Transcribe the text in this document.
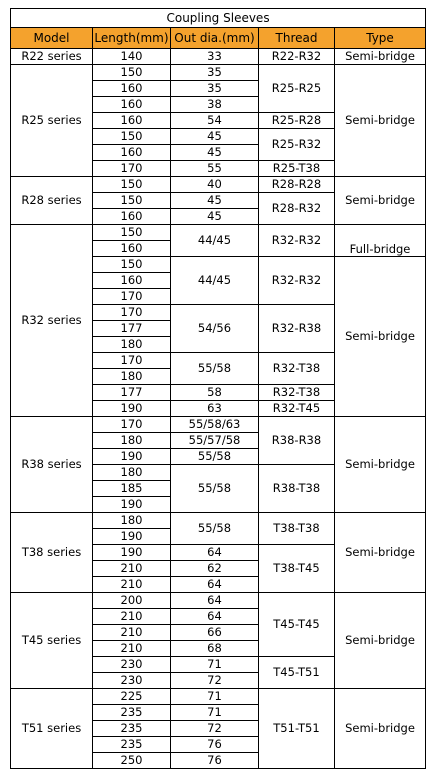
Coupling Sleeves				
Model	Length(mm)	Out dia.(mm)	Thread	Type
R22 series	140	33	R22-R32	Semi-bridge
R25 series	150	35	R25-R25	Semi-bridge
	160	35		
	160	38		
	160	54	R25-R28	
	150	45	R25-R32	
	160	45		
	170	55	R25-T38	
R28 series	150	40	R28-R28	Semi-bridge
	150	45	R28-R32	
	160	45		
R32 series	150	44/45	R32-R32	Full-bridge
	160			
	150	44/45	R32-R32	Semi-bridge
	160			
	170			
	170	54/56	R32-R38	
	177			
	180			
	170	55/58	R32-T38	
	180			
	177	58	R32-T38	
	190	63	R32-T45	
R38 series	170	55/58/63	R38-R38	Semi-bridge
	180	55/57/58		
	190	55/58		
	180	55/58	R38-T38	
	185			
	190			
T38 series	180	55/58	T38-T38	Semi-bridge
	190			
	190	64	T38-T45	
	210	62		
	210	64		
T45 series	200	64	T45-T45	Semi-bridge
	210	64		
	210	66		
	210	68		
	230	71	T45-T51	
	230	72		
T51 series	225	71	T51-T51	Semi-bridge
	235	71		
	235	72		
	235	76		
	250	76		
